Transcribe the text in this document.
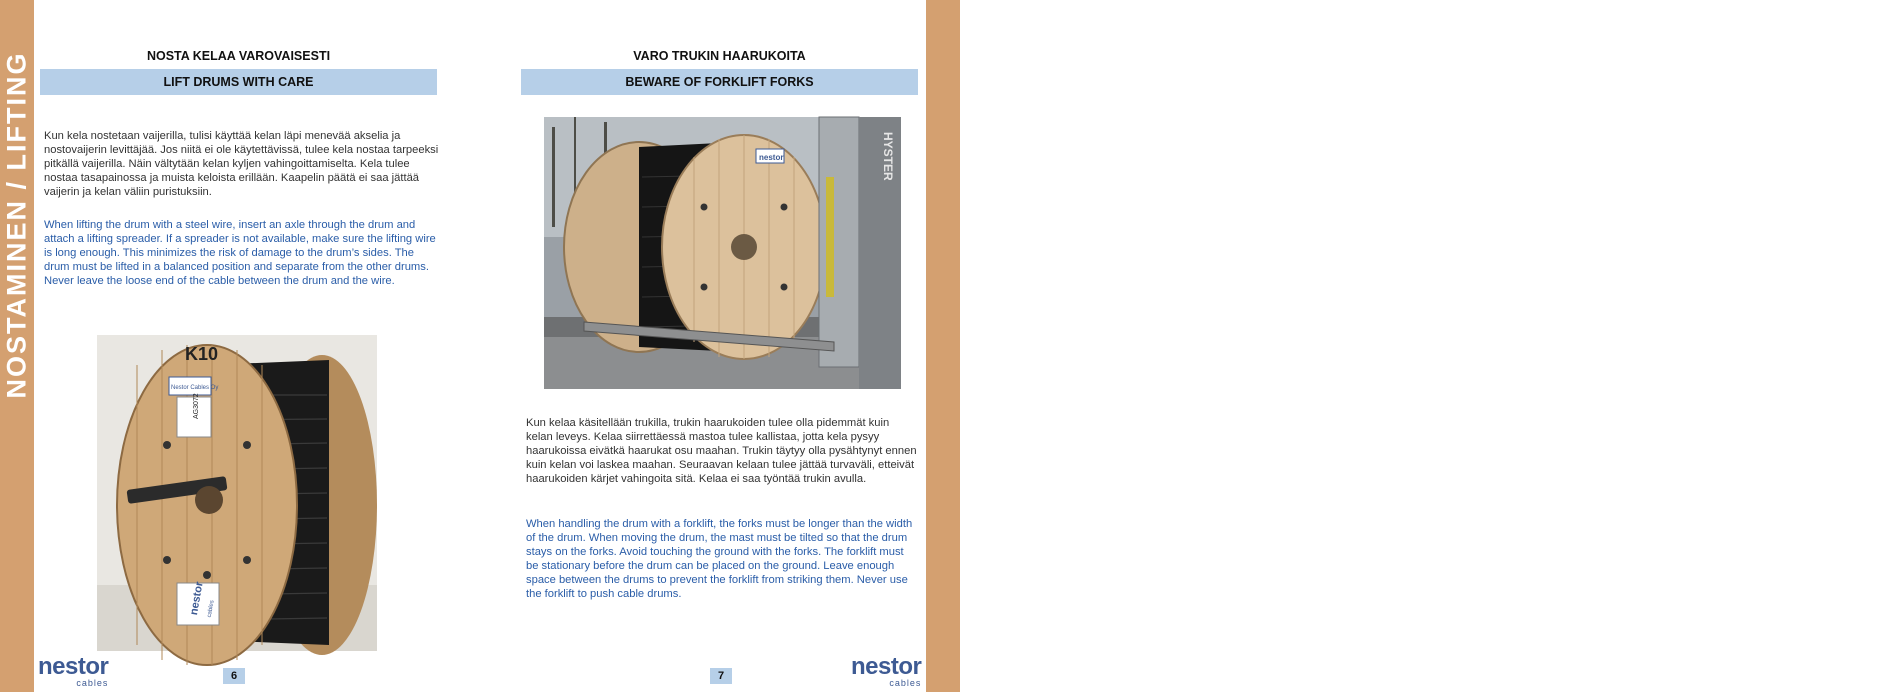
NOSTAMINEN / LIFTING	TRUKKI / FORKLIFT
NOSTA KELAA VAROVAISESTI
LIFT DRUMS WITH CARE

Kun kela nostetaan vaijerilla, tulisi käyttää kelan läpi menevää akselia ja nostovaijerin levittäjää. Jos niitä ei ole käytettävissä, tulee kela nostaa tarpeeksi pitkällä vaijerilla. Näin vältytään kelan kyljen vahingoittamiselta. Kela tulee nostaa tasapainossa ja muista keloista erillään. Kaapelin päätä ei saa jättää vaijerin ja kelan väliin puristuksiin.

When lifting the drum with a steel wire, insert an axle through the drum and attach a lifting spreader. If a spreader is not available, make sure the lifting wire is long enough. This minimizes the risk of damage to the drum’s sides. The drum must be lifted in a balanced position and separate from the other drums. Never leave the loose end of the cable between the drum and the wire.

K10
Nestor Cables Oy
AG3072
nestor cables
VARO TRUKIN HAARUKOITA
BEWARE OF FORKLIFT FORKS
nestor	HYSTER

Kun kelaa käsitellään trukilla, trukin haarukoiden tulee olla pidemmät kuin kelan leveys. Kelaa siirrettäessä mastoa tulee kallistaa, jotta kela pysyy haarukoissa eivätkä haarukat osu maahan. Trukin täytyy olla pysähtynyt ennen kuin kelan voi laskea maahan. Seuraavan kelaan tulee jättää turvaväli, etteivät haarukoiden kärjet vahingoita sitä. Kelaa ei saa työntää trukin avulla.

When handling the drum with a forklift, the forks must be longer than the width of the drum. When moving the drum, the mast must be tilted so that the drum stays on the forks. Avoid touching the ground with the forks. The forklift must be stationary before the drum can be placed on the ground. Leave enough space between the drums to prevent the forklift from striking them. Never use the forklift to push cable drums.

nestor
cables
6	7	nestor
cables
